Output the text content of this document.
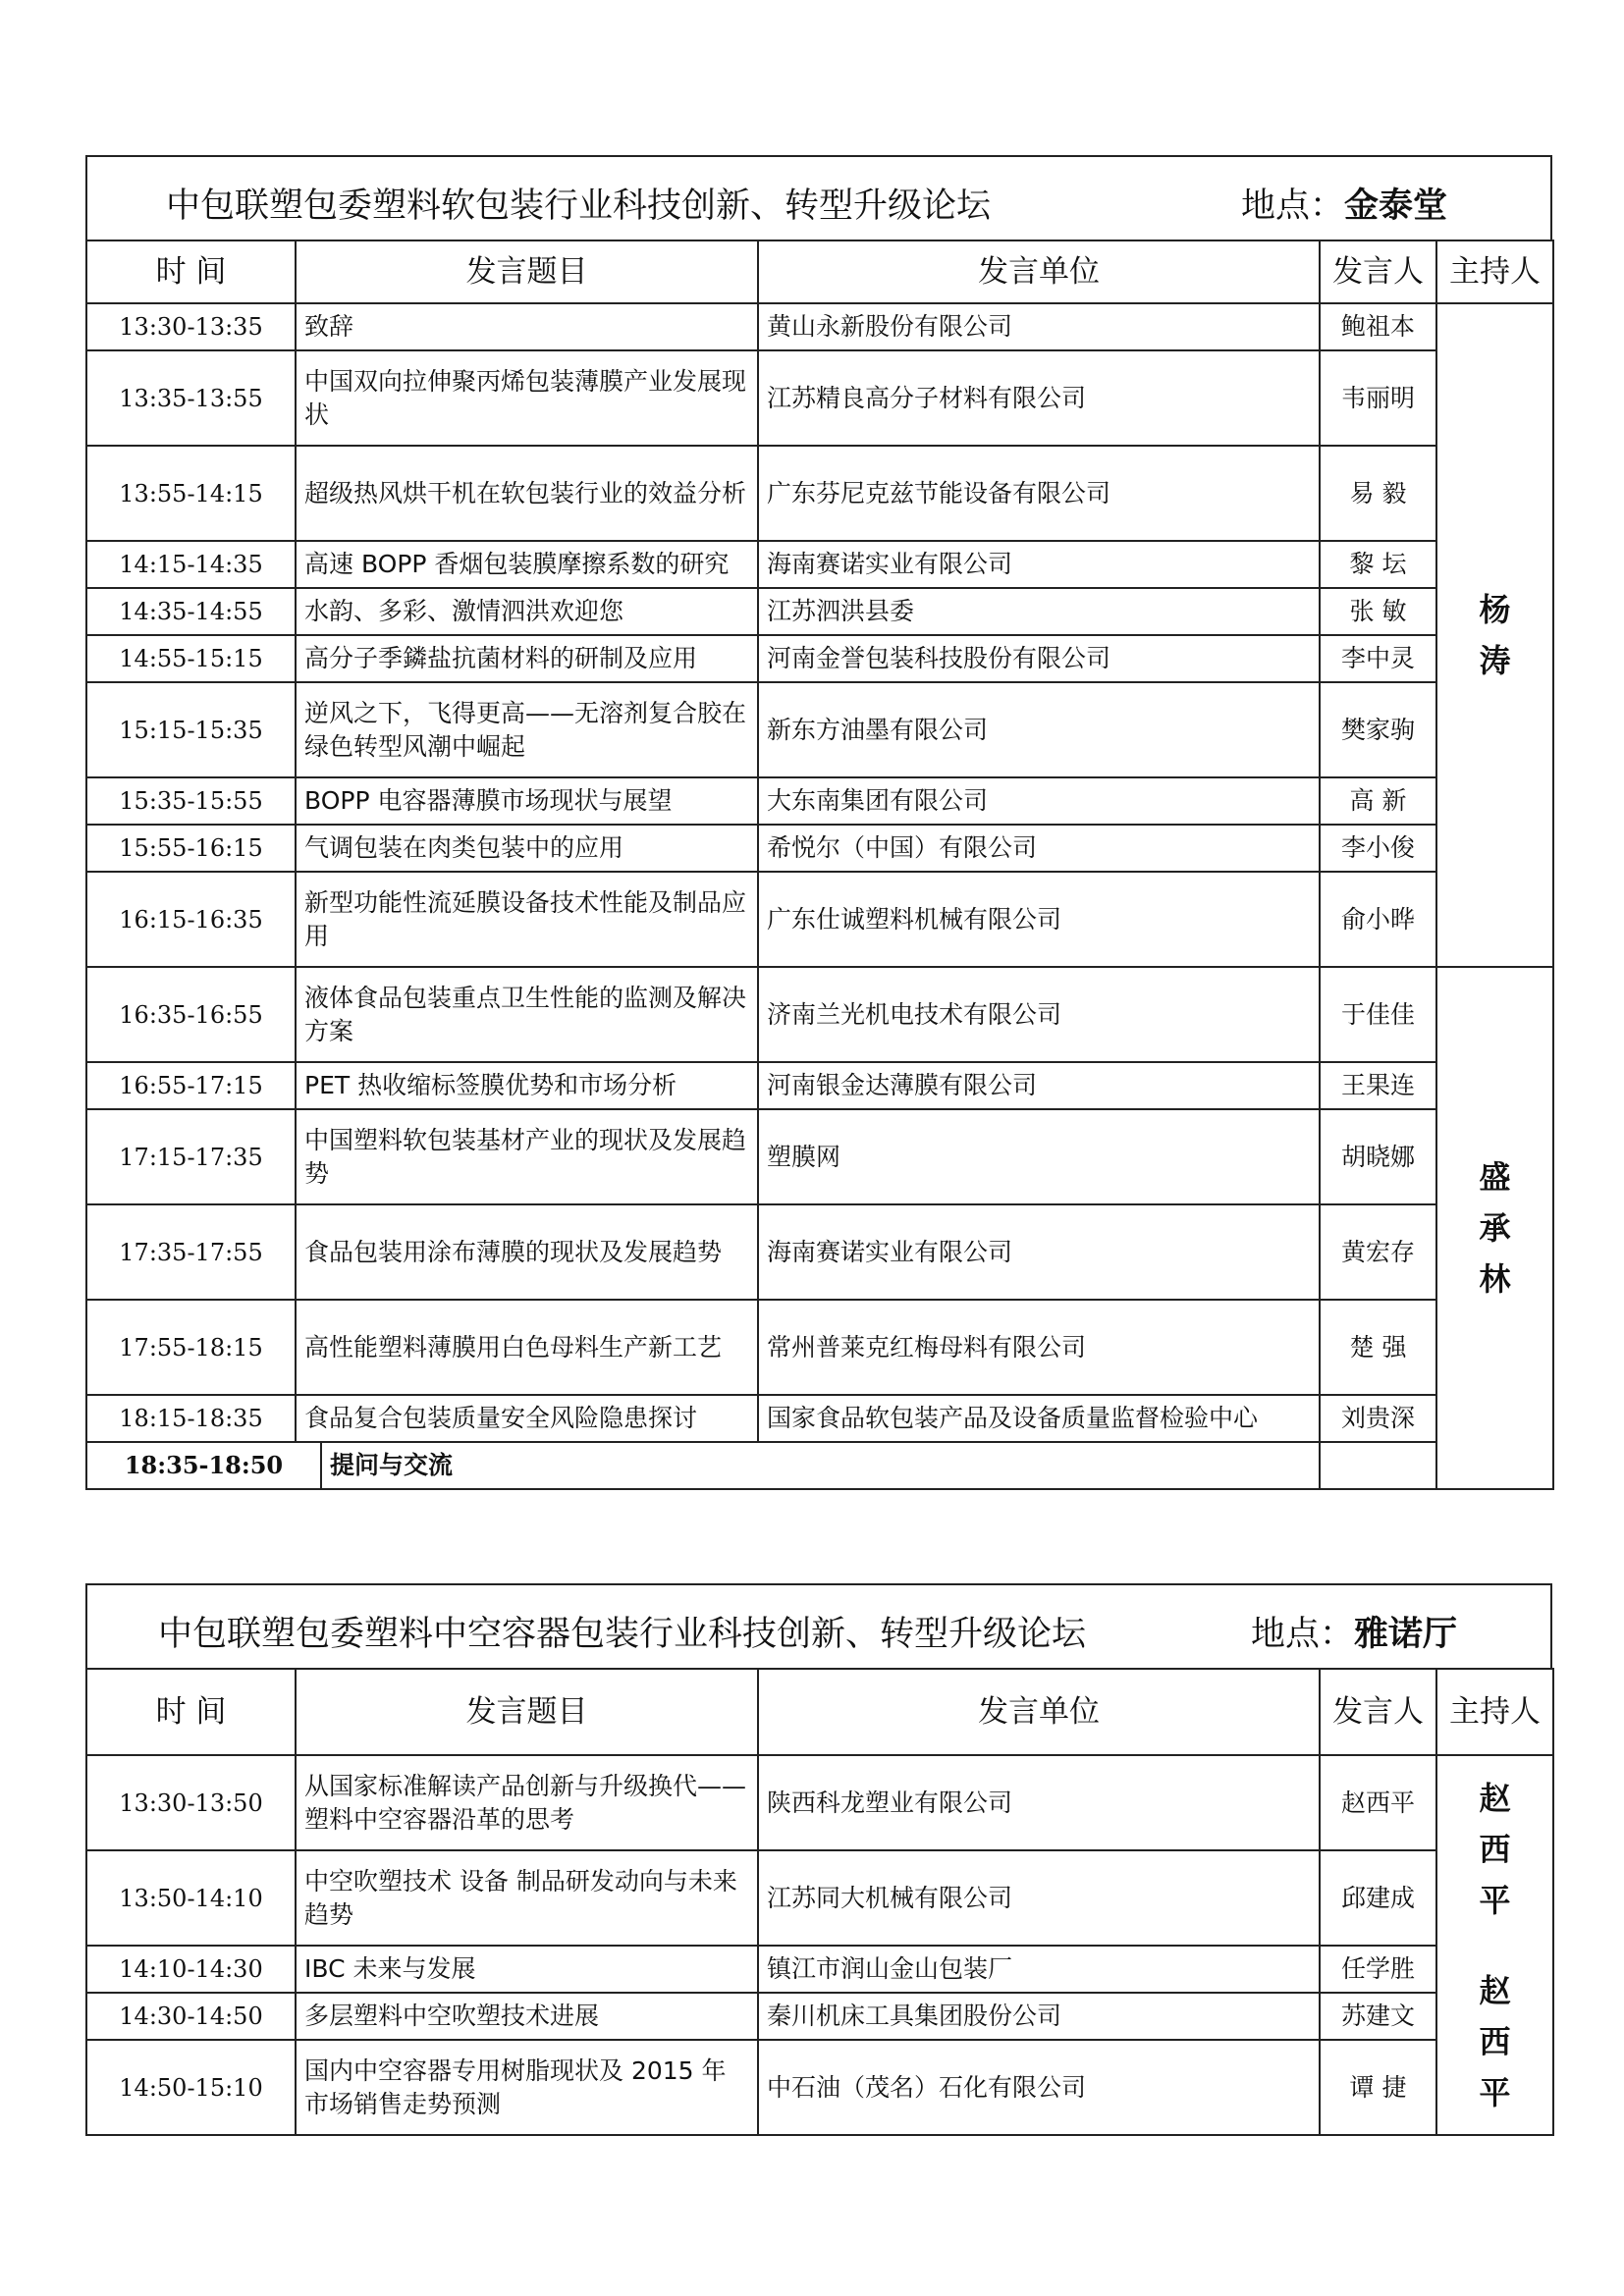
中包联塑包委塑料软包装行业科技创新、转型升级论坛	地点：金泰堂
时 间	发言题目	发言单位	发言人	主持人
13:30-13:35	致辞	黄山永新股份有限公司	鲍祖本	杨 涛
13:35-13:55	中国双向拉伸聚丙烯包装薄膜产业发展现状	江苏精良高分子材料有限公司	韦丽明	
13:55-14:15	超级热风烘干机在软包装行业的效益分析	广东芬尼克兹节能设备有限公司	易 毅	
14:15-14:35	高速 BOPP 香烟包装膜摩擦系数的研究	海南赛诺实业有限公司	黎 坛	
14:35-14:55	水韵、多彩、激情泗洪欢迎您	江苏泗洪县委	张 敏	
14:55-15:15	高分子季鏻盐抗菌材料的研制及应用	河南金誉包装科技股份有限公司	李中灵	
15:15-15:35	逆风之下，飞得更高——无溶剂复合胶在绿色转型风潮中崛起	新东方油墨有限公司	樊家驹	
15:35-15:55	BOPP 电容器薄膜市场现状与展望	大东南集团有限公司	高 新	
15:55-16:15	气调包装在肉类包装中的应用	希悦尔（中国）有限公司	李小俊	
16:15-16:35	新型功能性流延膜设备技术性能及制品应用	广东仕诚塑料机械有限公司	俞小晔	
16:35-16:55	液体食品包装重点卫生性能的监测及解决方案	济南兰光机电技术有限公司	于佳佳	盛承林
16:55-17:15	PET 热收缩标签膜优势和市场分析	河南银金达薄膜有限公司	王果连	
17:15-17:35	中国塑料软包装基材产业的现状及发展趋势	塑膜网	胡晓娜	
17:35-17:55	食品包装用涂布薄膜的现状及发展趋势	海南赛诺实业有限公司	黄宏存	
17:55-18:15	高性能塑料薄膜用白色母料生产新工艺	常州普莱克红梅母料有限公司	楚 强	
18:15-18:35	食品复合包装质量安全风险隐患探讨	国家食品软包装产品及设备质量监督检验中心	刘贵深	

18:35-18:50 提问与交流				

中包联塑包委塑料中空容器包装行业科技创新、转型升级论坛	地点：雅诺厅
时 间	发言题目	发言单位	发言人	主持人
13:30-13:50	从国家标准解读产品创新与升级换代——塑料中空容器沿革的思考	陕西科龙塑业有限公司	赵西平	赵西平
赵西平
13:50-14:10	中空吹塑技术 设备 制品研发动向与未来趋势	江苏同大机械有限公司	邱建成	
14:10-14:30	IBC 未来与发展	镇江市润山金山包装厂	任学胜	
14:30-14:50	多层塑料中空吹塑技术进展	秦川机床工具集团股份公司	苏建文	
14:50-15:10	国内中空容器专用树脂现状及 2015 年市场销售走势预测	中石油（茂名）石化有限公司	谭 捷	
